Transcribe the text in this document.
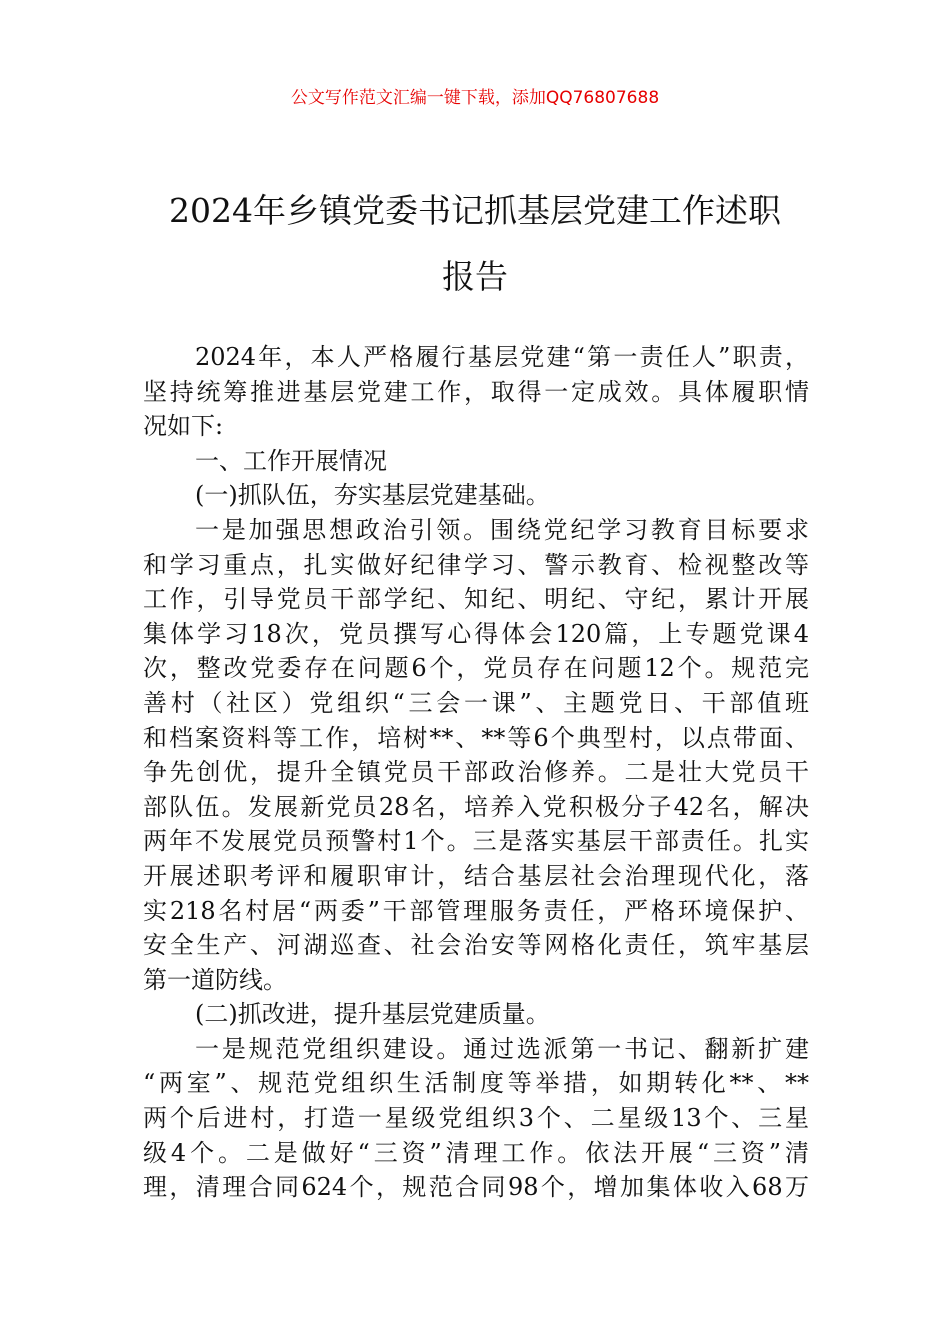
公文写作范文汇编一键下载，添加QQ76807688
2024年乡镇党委书记抓基层党建工作述职
报告
2024年，本人严格履行基层党建“第一责任人”职责，
坚持统筹推进基层党建工作，取得一定成效。具体履职情
况如下:
一、工作开展情况
(一)抓队伍，夯实基层党建基础。
一是加强思想政治引领。围绕党纪学习教育目标要求
和学习重点，扎实做好纪律学习、警示教育、检视整改等
工作，引导党员干部学纪、知纪、明纪、守纪，累计开展
集体学习18次，党员撰写心得体会120篇，上专题党课4
次，整改党委存在问题6个，党员存在问题12个。规范完
善村（社区）党组织“三会一课”、主题党日、干部值班
和档案资料等工作，培树**、**等6个典型村，以点带面、
争先创优，提升全镇党员干部政治修养。二是壮大党员干
部队伍。发展新党员28名，培养入党积极分子42名，解决
两年不发展党员预警村1个。三是落实基层干部责任。扎实
开展述职考评和履职审计，结合基层社会治理现代化，落
实218名村居“两委”干部管理服务责任，严格环境保护、
安全生产、河湖巡查、社会治安等网格化责任，筑牢基层
第一道防线。
(二)抓改进，提升基层党建质量。
一是规范党组织建设。通过选派第一书记、翻新扩建
“两室”、规范党组织生活制度等举措，如期转化**、**
两个后进村，打造一星级党组织3个、二星级13个、三星
级4个。二是做好“三资”清理工作。依法开展“三资”清
理，清理合同624个，规范合同98个，增加集体收入68万
